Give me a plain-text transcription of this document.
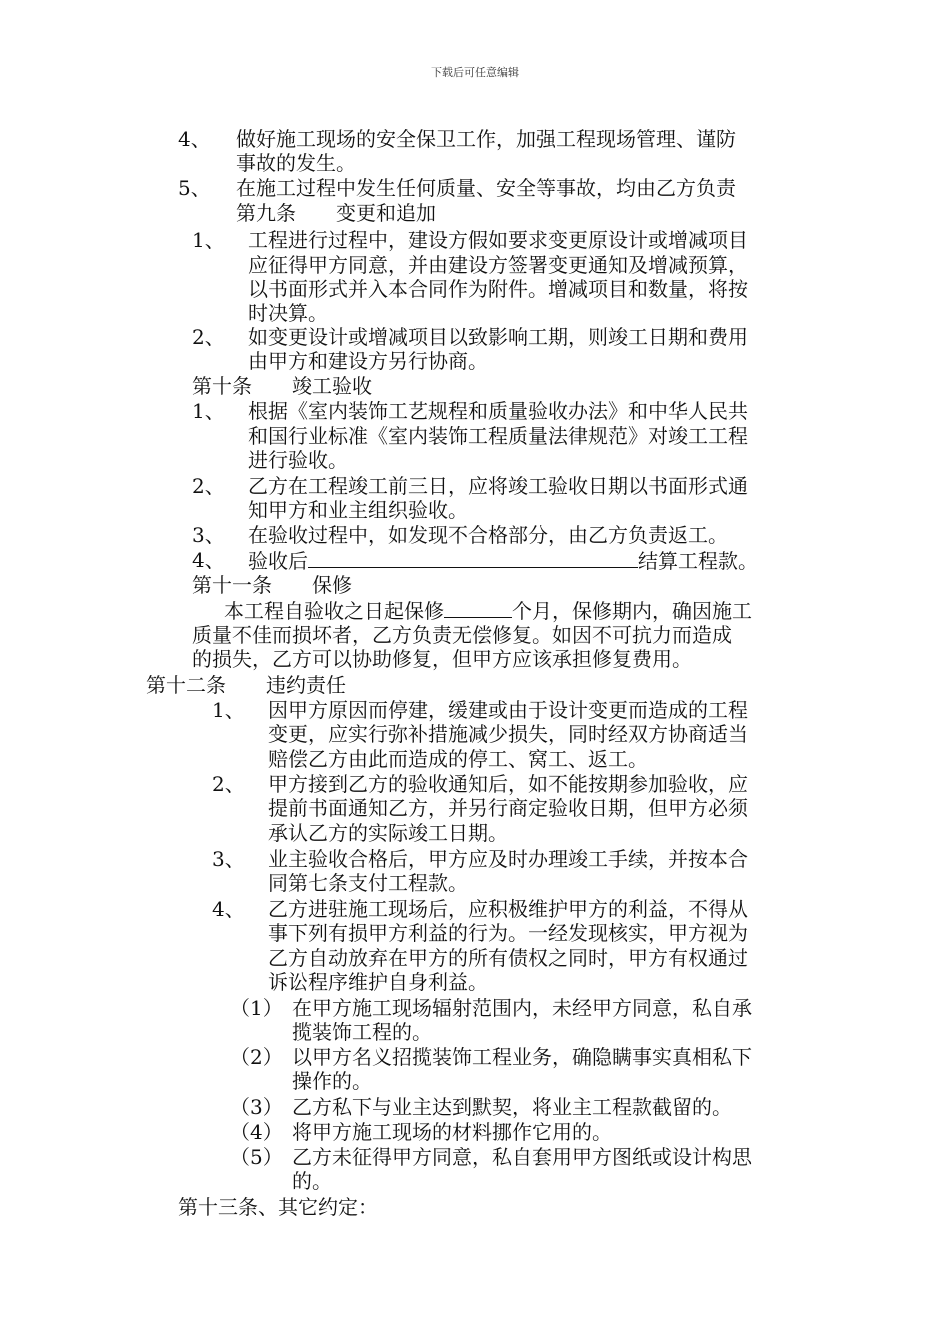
下载后可任意编辑
4、 做好施工现场的安全保卫工作，加强工程现场管理、谨防
事故的发生。
5、 在施工过程中发生任何质量、安全等事故，均由乙方负责
第九条　　变更和追加
1、 工程进行过程中，建设方假如要求变更原设计或增减项目
应征得甲方同意，并由建设方签署变更通知及增减预算，
以书面形式并入本合同作为附件。增减项目和数量，将按
时决算。
2、 如变更设计或增减项目以致影响工期，则竣工日期和费用
由甲方和建设方另行协商。
第十条　　竣工验收
1、 根据《室内装饰工艺规程和质量验收办法》和中华人民共
和国行业标准《室内装饰工程质量法律规范》对竣工工程
进行验收。
2、 乙方在工程竣工前三日，应将竣工验收日期以书面形式通
知甲方和业主组织验收。
3、 在验收过程中，如发现不合格部分，由乙方负责返工。
4、 验收后	结算工程款。
第十一条　　保修
本工程自验收之日起保修	个月，保修期内，确因施工
质量不佳而损坏者，乙方负责无偿修复。如因不可抗力而造成
的损失，乙方可以协助修复，但甲方应该承担修复费用。
第十二条　　违约责任
1、 因甲方原因而停建，缓建或由于设计变更而造成的工程
变更，应实行弥补措施减少损失，同时经双方协商适当
赔偿乙方由此而造成的停工、窝工、返工。
2、 甲方接到乙方的验收通知后，如不能按期参加验收，应
提前书面通知乙方，并另行商定验收日期，但甲方必须
承认乙方的实际竣工日期。
3、 业主验收合格后，甲方应及时办理竣工手续，并按本合
同第七条支付工程款。
4、 乙方进驻施工现场后，应积极维护甲方的利益，不得从
事下列有损甲方利益的行为。一经发现核实，甲方视为
乙方自动放弃在甲方的所有债权之同时，甲方有权通过
诉讼程序维护自身利益。
（1） 在甲方施工现场辐射范围内，未经甲方同意，私自承
揽装饰工程的。
（2） 以甲方名义招揽装饰工程业务，确隐瞒事实真相私下
操作的。
（3） 乙方私下与业主达到默契，将业主工程款截留的。
（4） 将甲方施工现场的材料挪作它用的。
（5） 乙方未征得甲方同意，私自套用甲方图纸或设计构思
的。
第十三条、其它约定：
